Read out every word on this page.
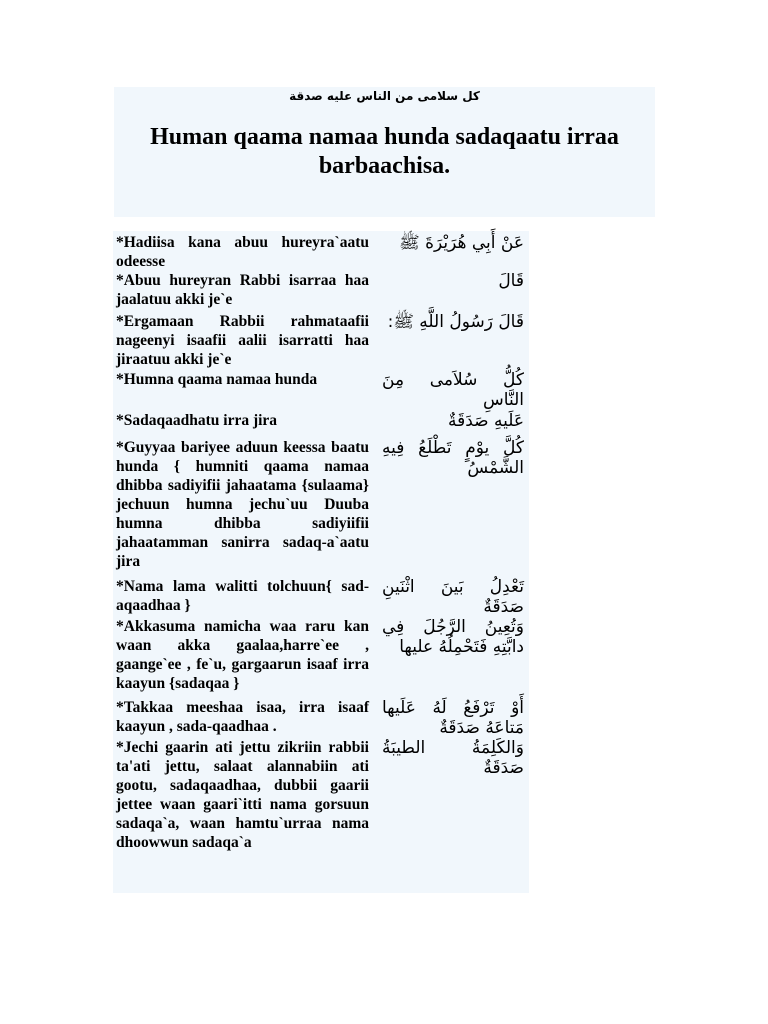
كل سلامى من الناس عليه صدقة
Human qaama namaa hunda sadaqaatu irraa barbaachisa.
*Hadiisa kana abuu hureyra`aatu odeesse
عَنْ أَبِي هُرَيْرَةَ ﷺ
*Abuu hureyran Rabbi isarraa haa jaalatuu akki je`e
قَالَ
*Ergamaan Rabbii rahmataafii nageenyi isaafii aalii isarratti haa jiraatuu akki je`e
قَالَ رَسُولُ اللَّهِ ﷺ:
*Humna qaama namaa hunda	كُلُّ سُلاَمى مِنَ النَّاسِ
*Sadaqaadhatu irra jira	عَلَيهِ صَدَقَةٌ
*Guyyaa bariyee aduun keessa baatu hunda { humniti qaama namaa dhibba sadiyifii jahaatama {sulaama} jechuun humna jechu`uu Duuba humna dhibba sadiyiifii jahaatamman sanirra sadaq-a`aatu jira
كُلَّ يوْمٍ تَطْلَعُ فِيهِ الشَّمْسُ
*Nama lama walitti tolchuun{ sad-aqaadhaa }
تَعْدِلُ بَينَ اثْنَينِ صَدَقَةٌ
*Akkasuma namicha waa raru kan waan akka gaalaa,harre`ee , gaange`ee , fe`u, gargaarun isaaf irra kaayun {sadaqaa }
وَتُعِينُ الرَّجُلَ فِي دابَّتِهِ فَتَحْمِلُهُ عليها
*Takkaa meeshaa isaa, irra isaaf kaayun , sada-qaadhaa .
أَوْ تَرْفَعُ لَهُ عَلَيها مَتاعَهُ صَدَقَةٌ
*Jechi gaarin ati jettu zikriin rabbii ta'ati jettu, salaat alannabiin ati gootu, sadaqaadhaa, dubbii gaarii jettee waan gaari`itti nama gorsuun sadaqa`a, waan hamtu`urraa nama dhoowwun sadaqa`a
وَالكَلِمَةُ الطيبَةُ صَدَقَةٌ
